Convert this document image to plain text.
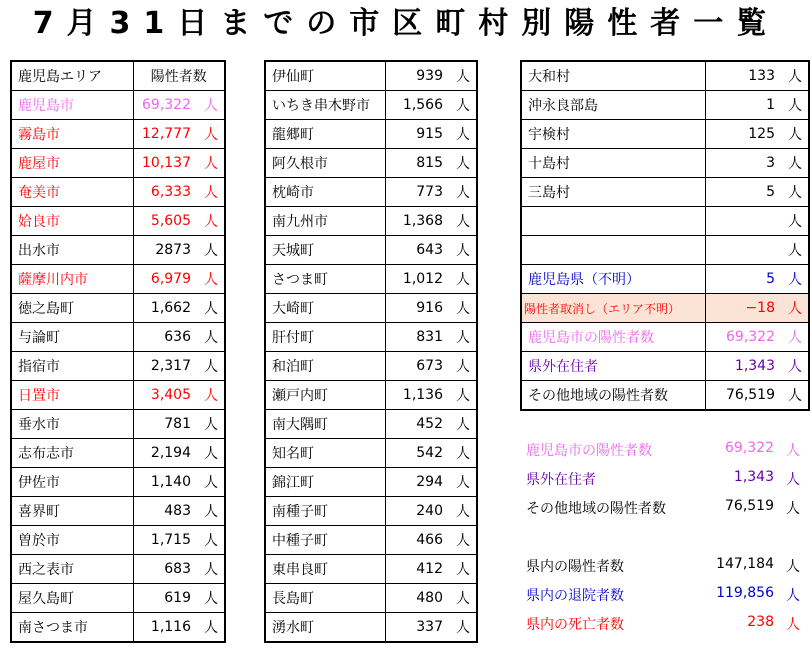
7月31日までの市区町村別陽性者一覧
鹿児島エリア	陽性者数	
鹿児島市	69,322	人
霧島市	12,777	人
鹿屋市	10,137	人
奄美市	6,333	人
姶良市	5,605	人
出水市	2873	人
薩摩川内市	6,979	人
徳之島町	1,662	人
与論町	636	人
指宿市	2,317	人
日置市	3,405	人
垂水市	781	人
志布志市	2,194	人
伊佐市	1,140	人
喜界町	483	人
曽於市	1,715	人
西之表市	683	人
屋久島町	619	人
南さつま市	1,116	人
伊仙町	939	人
いちき串木野市	1,566	人
龍郷町	915	人
阿久根市	815	人
枕崎市	773	人
南九州市	1,368	人
天城町	643	人
さつま町	1,012	人
大崎町	916	人
肝付町	831	人
和泊町	673	人
瀬戸内町	1,136	人
南大隅町	452	人
知名町	542	人
錦江町	294	人
南種子町	240	人
中種子町	466	人
東串良町	412	人
長島町	480	人
湧水町	337	人
大和村	133	人
沖永良部島	1	人
宇検村	125	人
十島村	3	人
三島村	5	人
		人
		人
鹿児島県（不明）	5	人
陽性者取消し（エリア不明）	−18	人
鹿児島市の陽性者数	69,322	人
県外在住者	1,343	人
その他地域の陽性者数	76,519	人
鹿児島市の陽性者数	69,322 人
県外在住者	1,343 人
その他地域の陽性者数	76,519 人
県内の陽性者数	147,184 人
県内の退院者数	119,856 人
県内の死亡者数	238 人
